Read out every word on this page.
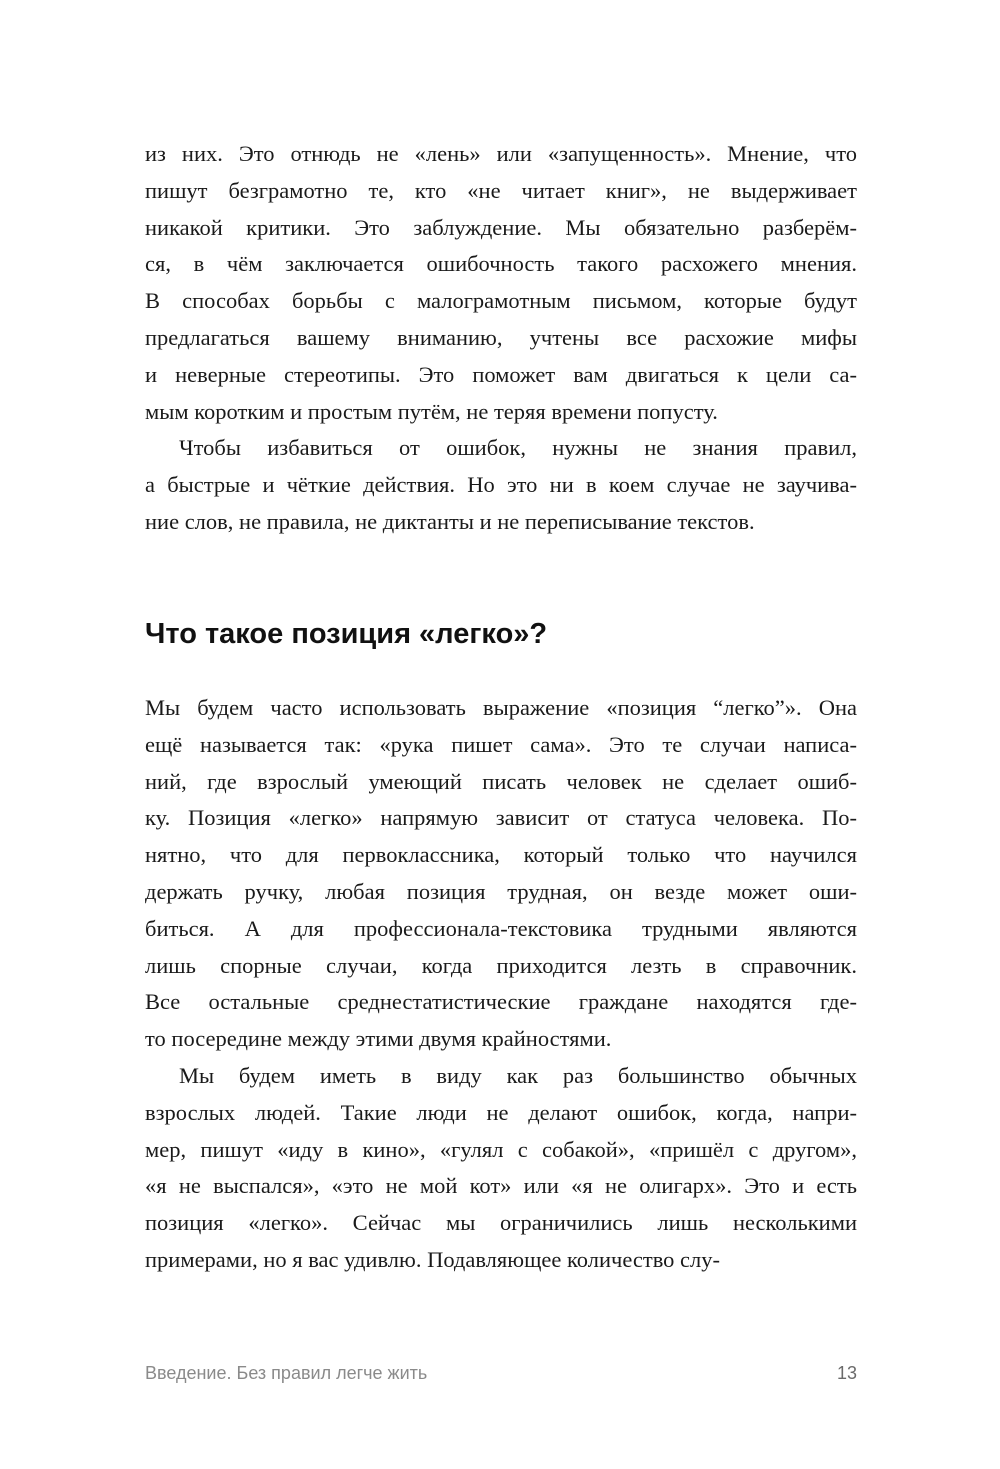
из них. Это отнюдь не «лень» или «запущенность». Мнение, что
пишут безграмотно те, кто «не читает книг», не выдерживает
никакой критики. Это заблуждение. Мы обязательно разберём-
ся, в чём заключается ошибочность такого расхожего мнения.
В способах борьбы с малограмотным письмом, которые будут
предлагаться вашему вниманию, учтены все расхожие мифы
и неверные стереотипы. Это поможет вам двигаться к цели са-
мым коротким и простым путём, не теряя времени попусту.

Чтобы избавиться от ошибок, нужны не знания правил,
а быстрые и чёткие действия. Но это ни в коем случае не заучива-
ние слов, не правила, не диктанты и не переписывание текстов.

Что такое позиция «легко»?

Мы будем часто использовать выражение «позиция “легко”». Она
ещё называется так: «рука пишет сама». Это те случаи написа-
ний, где взрослый умеющий писать человек не сделает ошиб-
ку. Позиция «легко» напрямую зависит от статуса человека. По-
нятно, что для первоклассника, который только что научился
держать ручку, любая позиция трудная, он везде может оши-
биться. А для профессионала-текстовика трудными являются
лишь спорные случаи, когда приходится лезть в справочник.
Все остальные среднестатистические граждане находятся где-
то посередине между этими двумя крайностями.

Мы будем иметь в виду как раз большинство обычных
взрослых людей. Такие люди не делают ошибок, когда, напри-
мер, пишут «иду в кино», «гулял с собакой», «пришёл с другом»,
«я не выспался», «это не мой кот» или «я не олигарх». Это и есть
позиция «легко». Сейчас мы ограничились лишь несколькими
примерами, но я вас удивлю. Подавляющее количество слу-

Введение. Без правил легче жить	13
